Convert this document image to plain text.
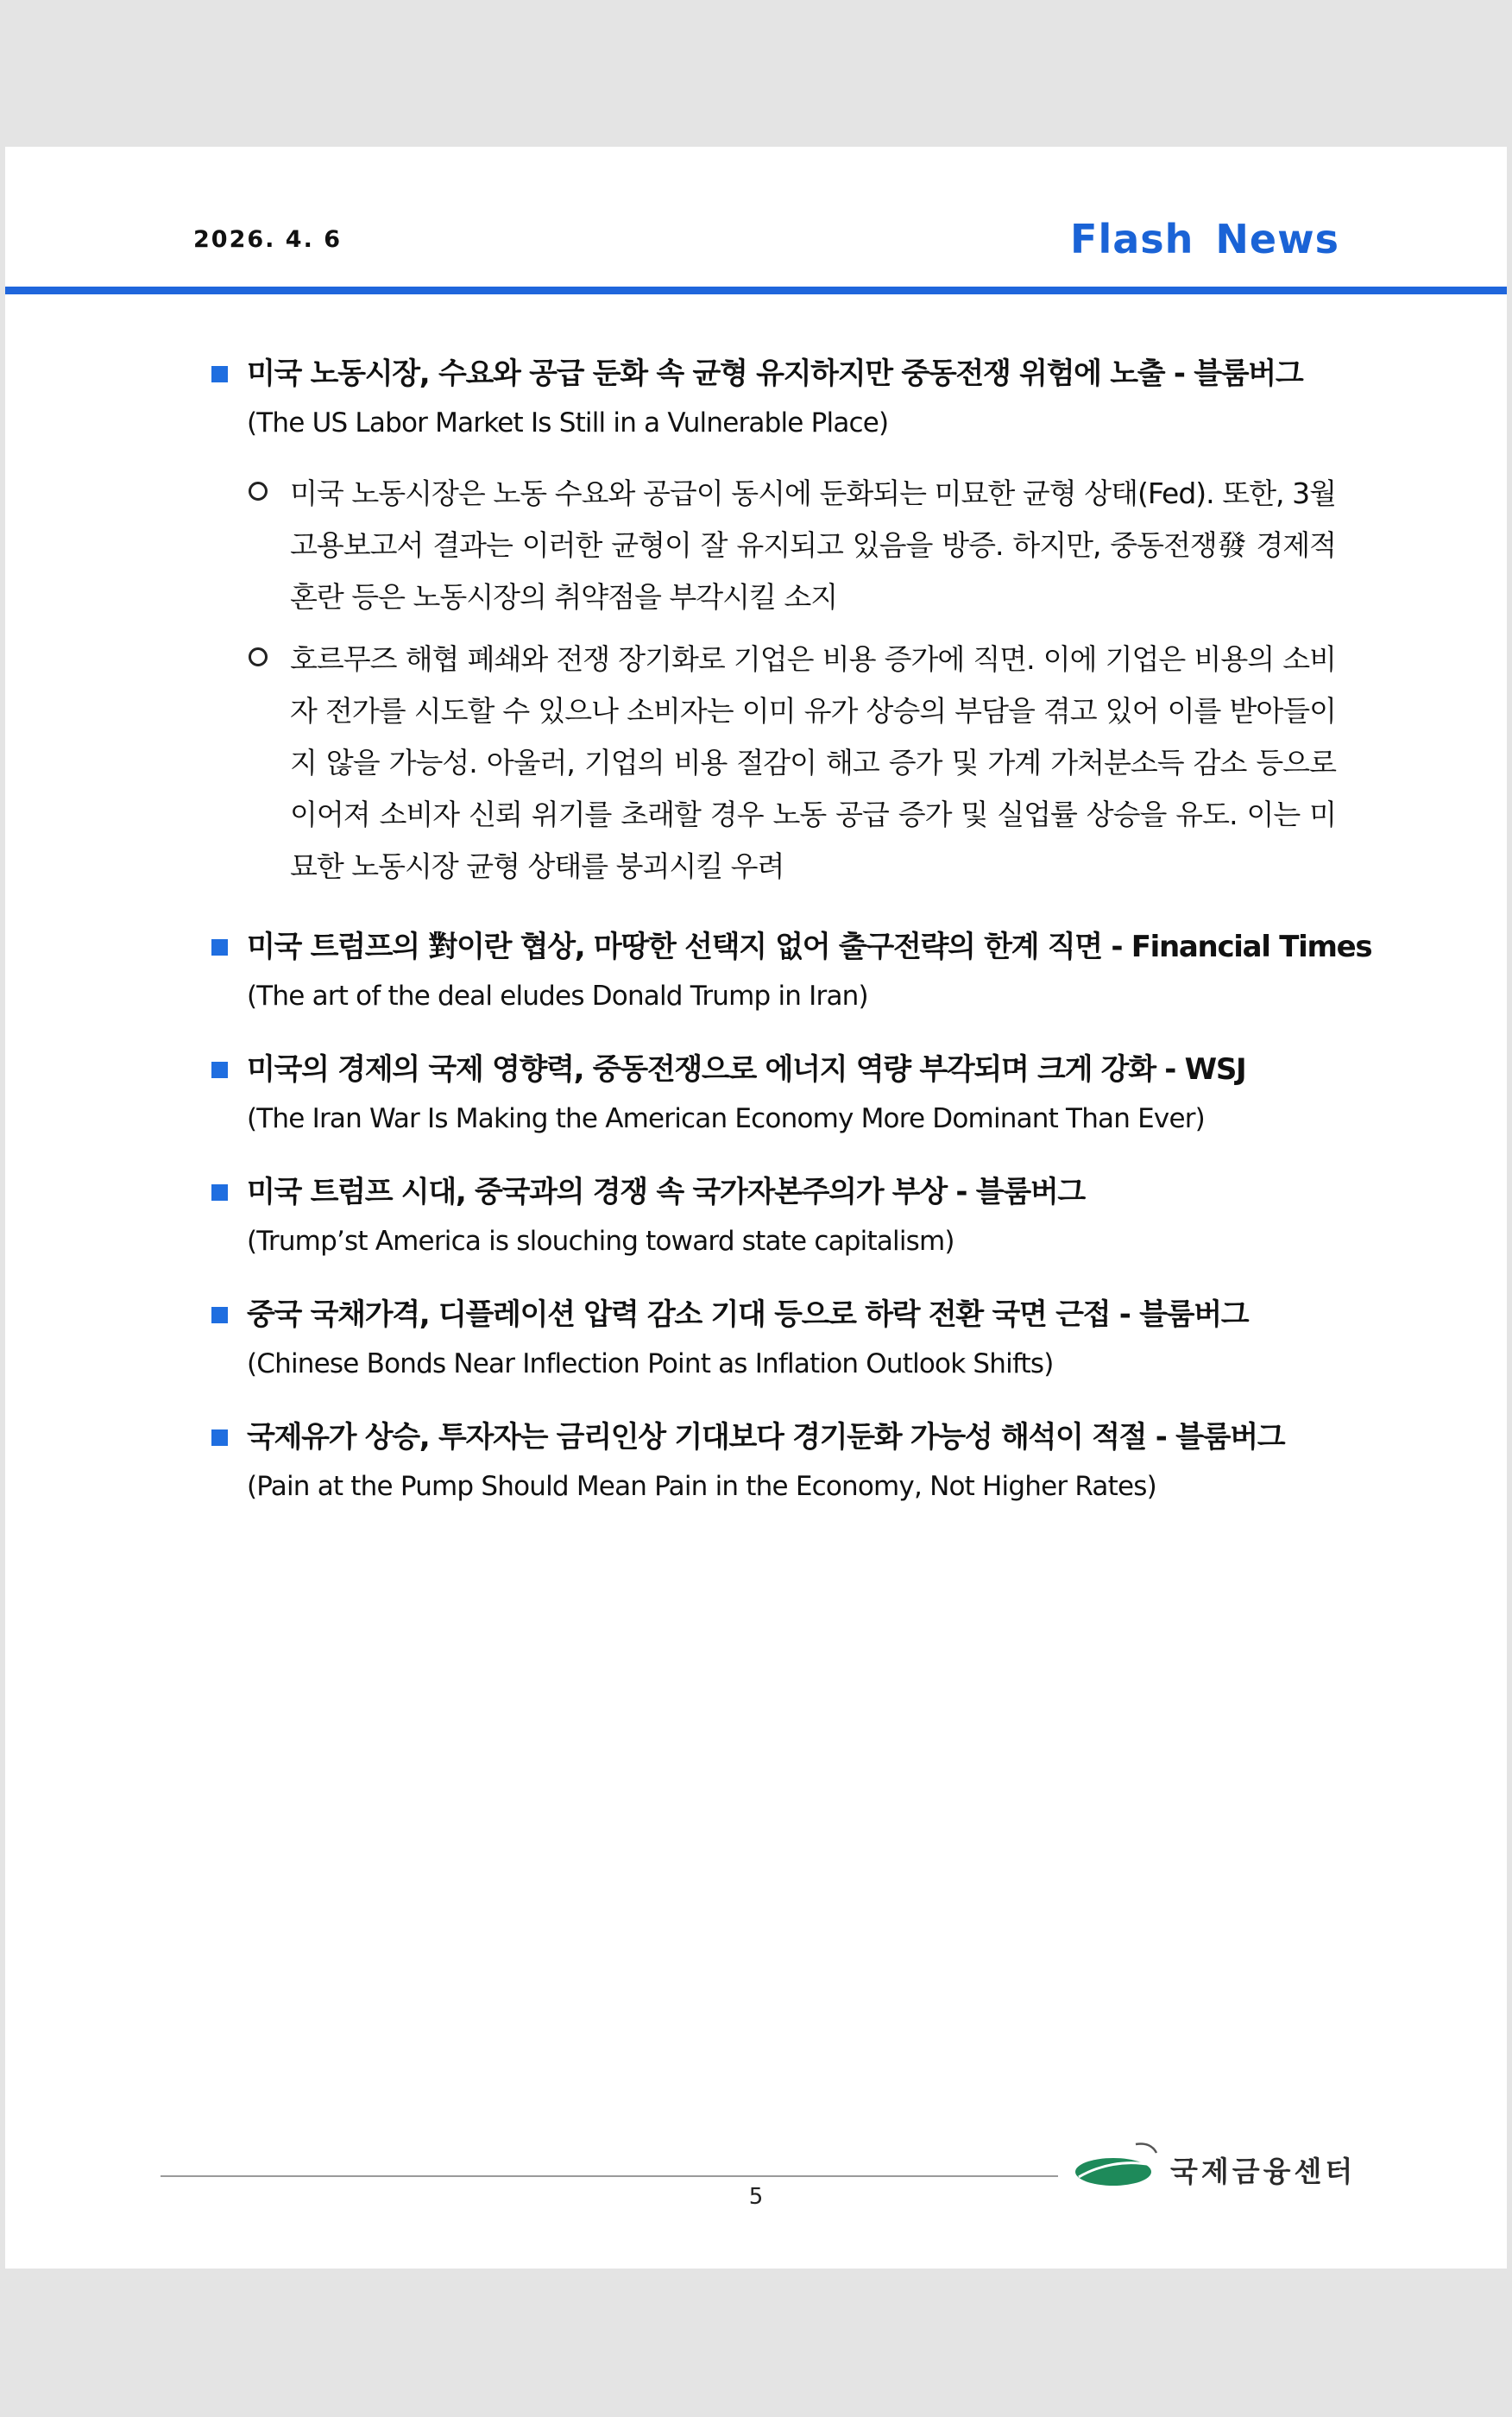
2026. 4. 6	Flash News
미국 노동시장, 수요와 공급 둔화 속 균형 유지하지만 중동전쟁 위험에 노출 - 블룸버그
(The US Labor Market Is Still in a Vulnerable Place)
미국 노동시장은 노동 수요와 공급이 동시에 둔화되는 미묘한 균형 상태(Fed). 또한, 3월 고용보고서 결과는 이러한 균형이 잘 유지되고 있음을 방증. 하지만, 중동전쟁發 경제적 혼란 등은 노동시장의 취약점을 부각시킬 소지
호르무즈 해협 폐쇄와 전쟁 장기화로 기업은 비용 증가에 직면. 이에 기업은 비용의 소비자 전가를 시도할 수 있으나 소비자는 이미 유가 상승의 부담을 겪고 있어 이를 받아들이지 않을 가능성. 아울러, 기업의 비용 절감이 해고 증가 및 가계 가처분소득 감소 등으로 이어져 소비자 신뢰 위기를 초래할 경우 노동 공급 증가 및 실업률 상승을 유도. 이는 미묘한 노동시장 균형 상태를 붕괴시킬 우려
미국 트럼프의 對이란 협상, 마땅한 선택지 없어 출구전략의 한계 직면 - Financial Times
(The art of the deal eludes Donald Trump in Iran)
미국의 경제의 국제 영향력, 중동전쟁으로 에너지 역량 부각되며 크게 강화 - WSJ
(The Iran War Is Making the American Economy More Dominant Than Ever)
미국 트럼프 시대, 중국과의 경쟁 속 국가자본주의가 부상 - 블룸버그
(Trump’st America is slouching toward state capitalism)
중국 국채가격, 디플레이션 압력 감소 기대 등으로 하락 전환 국면 근접 - 블룸버그
(Chinese Bonds Near Inflection Point as Inflation Outlook Shifts)
국제유가 상승, 투자자는 금리인상 기대보다 경기둔화 가능성 해석이 적절 - 블룸버그
(Pain at the Pump Should Mean Pain in the Economy, Not Higher Rates)
5
국제금융센터
